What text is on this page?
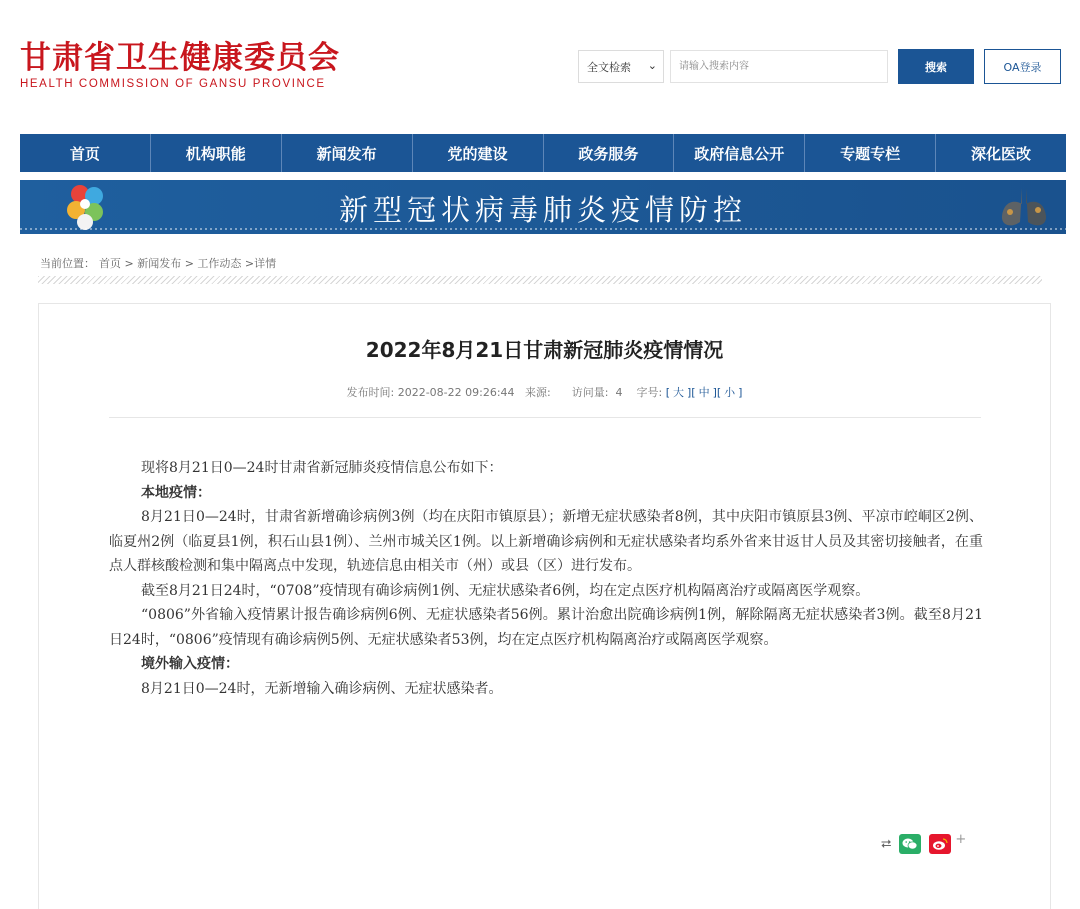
甘肃省卫生健康委员会
HEALTH COMMISSION OF GANSU PROVINCE
全文检索 ⌄
请输入搜索内容	搜索	OA登录
首页	机构职能	新闻发布	党的建设	政务服务	政府信息公开	专题专栏	深化医改
新型冠状病毒肺炎疫情防控
当前位置： 首页 > 新闻发布 > 工作动态 >详情
2022年8月21日甘肃新冠肺炎疫情情况
发布时间: 2022-08-22 09:26:44 来源: 访问量: 4 字号: [ 大 ][ 中 ][ 小 ]

现将8月21日0—24时甘肃省新冠肺炎疫情信息公布如下：

本地疫情：

8月21日0—24时，甘肃省新增确诊病例3例（均在庆阳市镇原县）；新增无症状感染者8例，其中庆阳市镇原县3例、平凉市崆峒区2例、临夏州2例（临夏县1例，积石山县1例）、兰州市城关区1例。以上新增确诊病例和无症状感染者均系外省来甘返甘人员及其密切接触者，在重点人群核酸检测和集中隔离点中发现，轨迹信息由相关市（州）或县（区）进行发布。

截至8月21日24时，“0708”疫情现有确诊病例1例、无症状感染者6例，均在定点医疗机构隔离治疗或隔离医学观察。

“0806”外省输入疫情累计报告确诊病例6例、无症状感染者56例。累计治愈出院确诊病例1例，解除隔离无症状感染者3例。截至8月21日24时，“0806”疫情现有确诊病例5例、无症状感染者53例，均在定点医疗机构隔离治疗或隔离医学观察。

境外输入疫情：

8月21日0—24时，无新增输入确诊病例、无症状感染者。

⮂	+
